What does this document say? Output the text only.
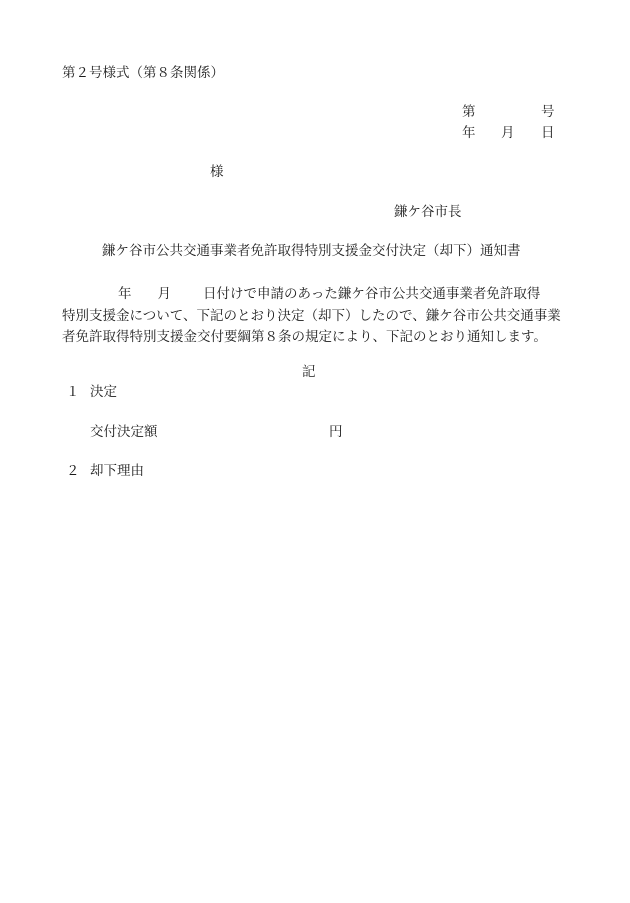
第２号様式（第８条関係）
第	号
年 月 日
様
鎌ケ谷市長
鎌ケ谷市公共交通事業者免許取得特別支援金交付決定（却下）通知書
年 月 日付けで申請のあった鎌ケ谷市公共交通事業者免許取得
特別支援金について、下記のとおり決定（却下）したので、鎌ケ谷市公共交通事業
者免許取得特別支援金交付要綱第８条の規定により、下記のとおり通知します。
記
１ 決定
交付決定額	円
２ 却下理由
